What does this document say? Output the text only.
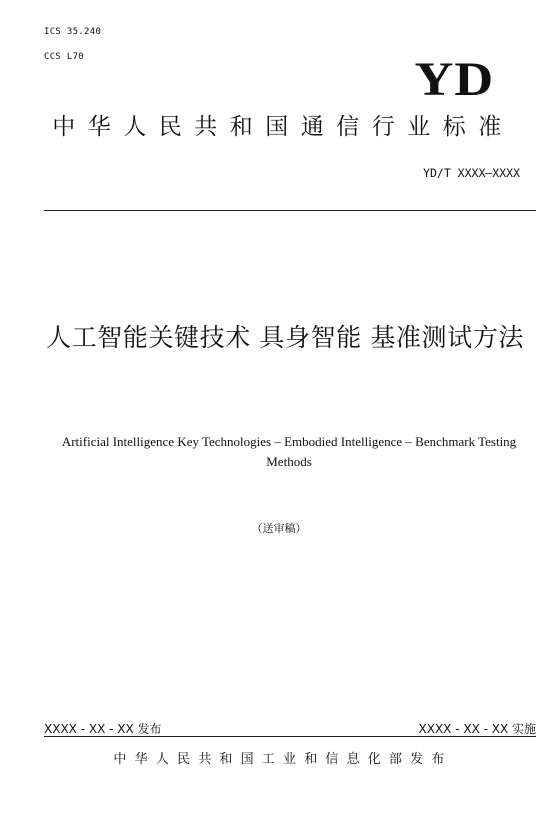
ICS 35.240
CCS L70	YD
中华人民共和国通信行业标准
YD/T XXXX—XXXX
人工智能关键技术 具身智能 基准测试方法
Artificial Intelligence Key Technologies – Embodied Intelligence – Benchmark Testing Methods
（送审稿）
XXXX - XX - XX 发布	XXXX - XX - XX 实施
中华人民共和国工业和信息化部发布
